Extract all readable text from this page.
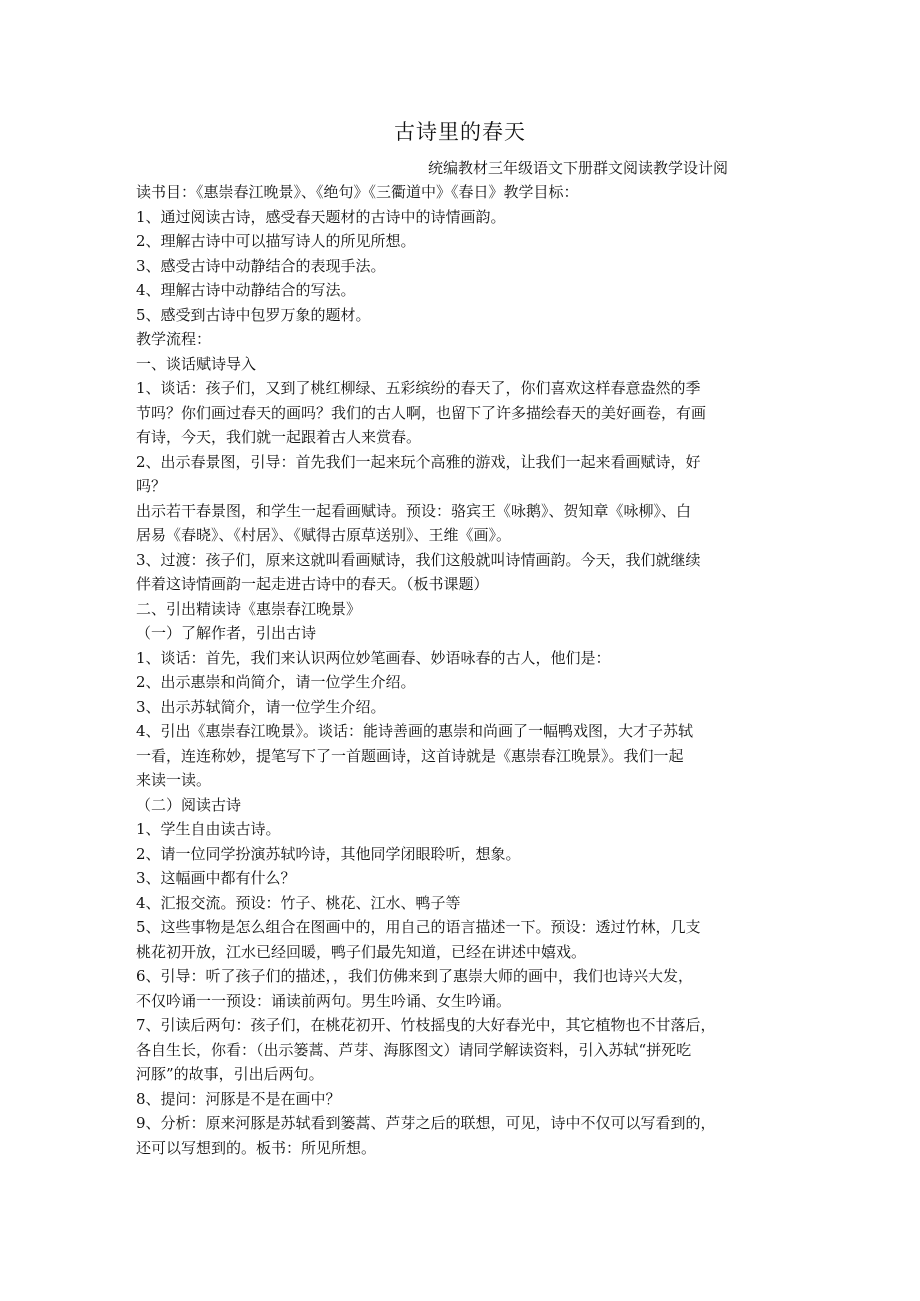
古诗里的春天
统编教材三年级语文下册群文阅读教学设计阅
读书目：《惠崇春江晚景》、《绝句》《三衢道中》《春日》教学目标：
1、通过阅读古诗，感受春天题材的古诗中的诗情画韵。
2、理解古诗中可以描写诗人的所见所想。
3、感受古诗中动静结合的表现手法。
4、理解古诗中动静结合的写法。
5、感受到古诗中包罗万象的题材。
教学流程：
一、谈话赋诗导入
1、谈话：孩子们，又到了桃红柳绿、五彩缤纷的春天了，你们喜欢这样春意盎然的季
节吗？你们画过春天的画吗？我们的古人啊，也留下了许多描绘春天的美好画卷，有画
有诗，今天，我们就一起跟着古人来赏春。
2、出示春景图，引导：首先我们一起来玩个高雅的游戏，让我们一起来看画赋诗，好
吗？
出示若干春景图，和学生一起看画赋诗。预设：骆宾王《咏鹅》、贺知章《咏柳》、白
居易《春晓》、《村居》、《赋得古原草送别》、王维《画》。
3、过渡：孩子们，原来这就叫看画赋诗，我们这般就叫诗情画韵。今天，我们就继续
伴着这诗情画韵一起走进古诗中的春天。（板书课题）
二、引出精读诗《惠崇春江晚景》
（一）了解作者，引出古诗
1、谈话：首先，我们来认识两位妙笔画春、妙语咏春的古人，他们是：
2、出示惠崇和尚简介，请一位学生介绍。
3、出示苏轼简介，请一位学生介绍。
4、引出《惠崇春江晚景》。谈话：能诗善画的惠崇和尚画了一幅鸭戏图，大才子苏轼
一看，连连称妙，提笔写下了一首题画诗，这首诗就是《惠崇春江晚景》。我们一起
来读一读。
（二）阅读古诗
1、学生自由读古诗。
2、请一位同学扮演苏轼吟诗，其他同学闭眼聆听，想象。
3、这幅画中都有什么？
4、汇报交流。预设：竹子、桃花、江水、鸭子等
5、这些事物是怎么组合在图画中的，用自己的语言描述一下。预设：透过竹林，几支
桃花初开放，江水已经回暖，鸭子们最先知道，已经在讲述中嬉戏。
6、引导：听了孩子们的描述，，我们仿佛来到了惠崇大师的画中，我们也诗兴大发，
不仅吟诵一一预设：诵读前两句。男生吟诵、女生吟诵。
7、引读后两句：孩子们，在桃花初开、竹枝摇曳的大好春光中，其它植物也不甘落后，
各自生长，你看：（出示篓蒿、芦芽、海豚图文）请同学解读资料，引入苏轼“拼死吃
河豚”的故事，引出后两句。
8、提问：河豚是不是在画中？
9、分析：原来河豚是苏轼看到篓蒿、芦芽之后的联想，可见，诗中不仅可以写看到的，
还可以写想到的。板书：所见所想。
